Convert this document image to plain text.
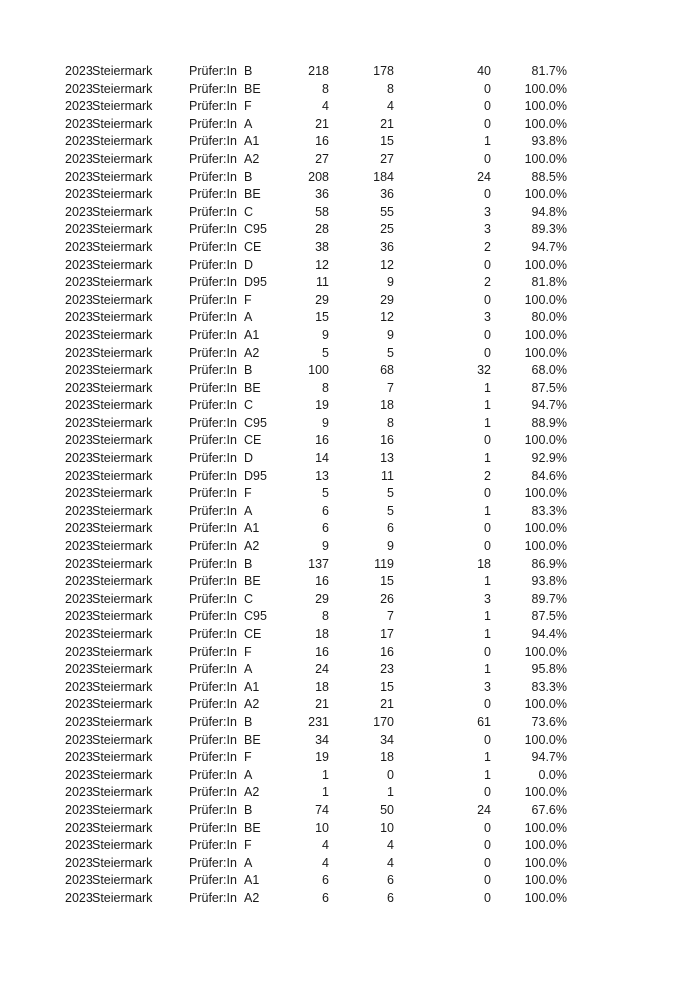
2023 Steiermark	Prüfer:In B	218	178	40	81.7%
2023 Steiermark	Prüfer:In BE	8	8	0	100.0%
2023 Steiermark	Prüfer:In F	4	4	0	100.0%
2023 Steiermark	Prüfer:In A	21	21	0	100.0%
2023 Steiermark	Prüfer:In A1	16	15	1	93.8%
2023 Steiermark	Prüfer:In A2	27	27	0	100.0%
2023 Steiermark	Prüfer:In B	208	184	24	88.5%
2023 Steiermark	Prüfer:In BE	36	36	0	100.0%
2023 Steiermark	Prüfer:In C	58	55	3	94.8%
2023 Steiermark	Prüfer:In C95	28	25	3	89.3%
2023 Steiermark	Prüfer:In CE	38	36	2	94.7%
2023 Steiermark	Prüfer:In D	12	12	0	100.0%
2023 Steiermark	Prüfer:In D95	11	9	2	81.8%
2023 Steiermark	Prüfer:In F	29	29	0	100.0%
2023 Steiermark	Prüfer:In A	15	12	3	80.0%
2023 Steiermark	Prüfer:In A1	9	9	0	100.0%
2023 Steiermark	Prüfer:In A2	5	5	0	100.0%
2023 Steiermark	Prüfer:In B	100	68	32	68.0%
2023 Steiermark	Prüfer:In BE	8	7	1	87.5%
2023 Steiermark	Prüfer:In C	19	18	1	94.7%
2023 Steiermark	Prüfer:In C95	9	8	1	88.9%
2023 Steiermark	Prüfer:In CE	16	16	0	100.0%
2023 Steiermark	Prüfer:In D	14	13	1	92.9%
2023 Steiermark	Prüfer:In D95	13	11	2	84.6%
2023 Steiermark	Prüfer:In F	5	5	0	100.0%
2023 Steiermark	Prüfer:In A	6	5	1	83.3%
2023 Steiermark	Prüfer:In A1	6	6	0	100.0%
2023 Steiermark	Prüfer:In A2	9	9	0	100.0%
2023 Steiermark	Prüfer:In B	137	119	18	86.9%
2023 Steiermark	Prüfer:In BE	16	15	1	93.8%
2023 Steiermark	Prüfer:In C	29	26	3	89.7%
2023 Steiermark	Prüfer:In C95	8	7	1	87.5%
2023 Steiermark	Prüfer:In CE	18	17	1	94.4%
2023 Steiermark	Prüfer:In F	16	16	0	100.0%
2023 Steiermark	Prüfer:In A	24	23	1	95.8%
2023 Steiermark	Prüfer:In A1	18	15	3	83.3%
2023 Steiermark	Prüfer:In A2	21	21	0	100.0%
2023 Steiermark	Prüfer:In B	231	170	61	73.6%
2023 Steiermark	Prüfer:In BE	34	34	0	100.0%
2023 Steiermark	Prüfer:In F	19	18	1	94.7%
2023 Steiermark	Prüfer:In A	1	0	1	0.0%
2023 Steiermark	Prüfer:In A2	1	1	0	100.0%
2023 Steiermark	Prüfer:In B	74	50	24	67.6%
2023 Steiermark	Prüfer:In BE	10	10	0	100.0%
2023 Steiermark	Prüfer:In F	4	4	0	100.0%
2023 Steiermark	Prüfer:In A	4	4	0	100.0%
2023 Steiermark	Prüfer:In A1	6	6	0	100.0%
2023 Steiermark	Prüfer:In A2	6	6	0	100.0%
